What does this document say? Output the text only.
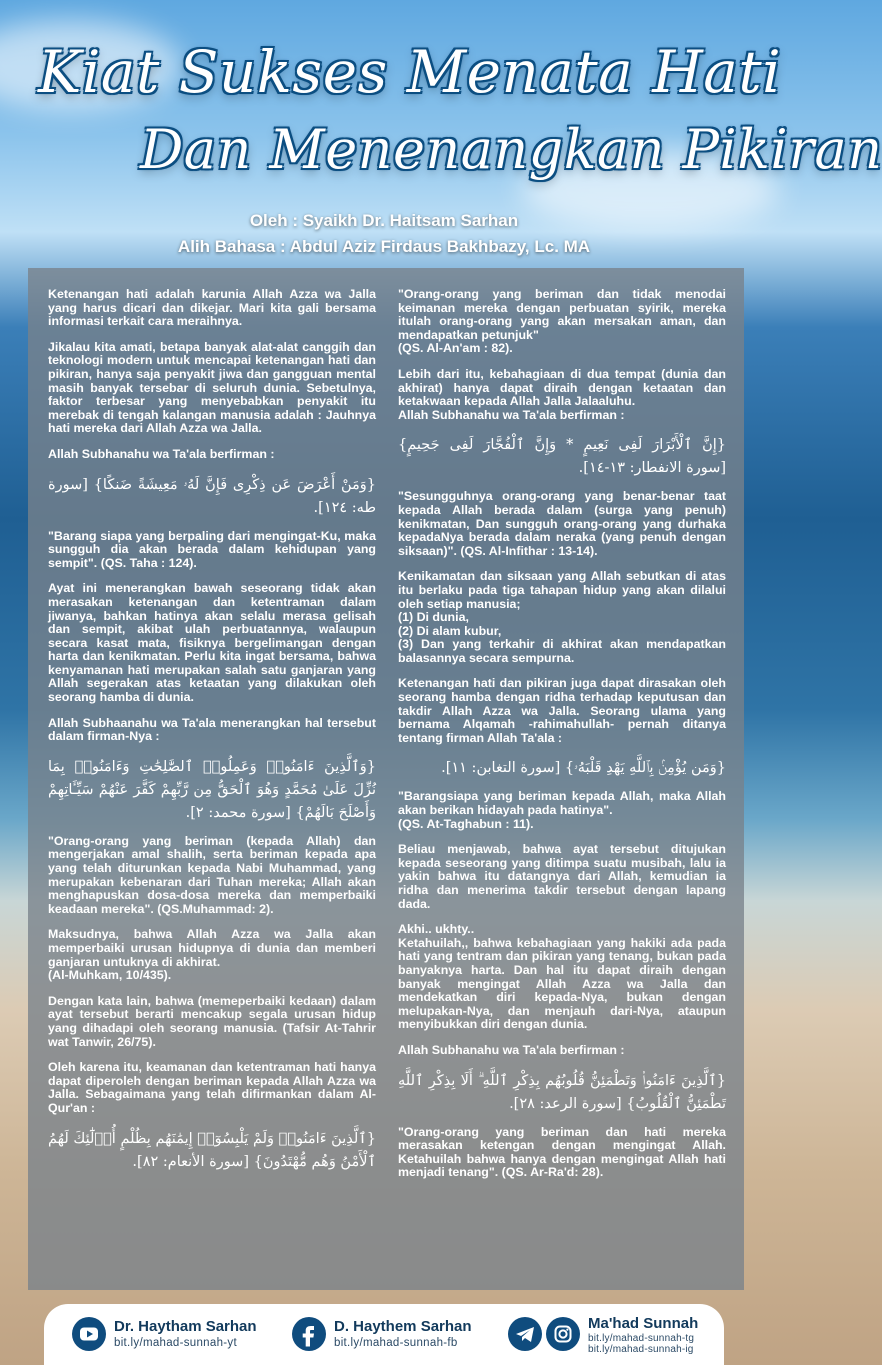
Kiat Sukses Menata Hati
Dan Menenangkan Pikiran
Oleh : Syaikh Dr. Haitsam Sarhan
Alih Bahasa : Abdul Aziz Firdaus Bakhbazy, Lc. MA
Ketenangan hati adalah karunia Allah Azza wa Jalla yang harus dicari dan dikejar. Mari kita gali bersama informasi terkait cara meraihnya.
Jikalau kita amati, betapa banyak alat-alat canggih dan teknologi modern untuk mencapai ketenangan hati dan pikiran, hanya saja penyakit jiwa dan gangguan mental masih banyak tersebar di seluruh dunia. Sebetulnya, faktor terbesar yang menyebabkan penyakit itu merebak di tengah kalangan manusia adalah : Jauhnya hati mereka dari Allah Azza wa Jalla.
Allah Subhanahu wa Ta'ala berfirman :
{وَمَنْ أَعْرَضَ عَن ذِكْرِى فَإِنَّ لَهُۥ مَعِيشَةً ضَنكًا} [سورة طه: ١٢٤].
"Barang siapa yang berpaling dari mengingat-Ku, maka sungguh dia akan berada dalam kehidupan yang sempit". (QS. Taha : 124).
Ayat ini menerangkan bawah seseorang tidak akan merasakan ketenangan dan ketentraman dalam jiwanya, bahkan hatinya akan selalu merasa gelisah dan sempit, akibat ulah perbuatannya, walaupun secara kasat mata, fisiknya bergelimangan dengan harta dan kenikmatan. Perlu kita ingat bersama, bahwa kenyamanan hati merupakan salah satu ganjaran yang Allah segerakan atas ketaatan yang dilakukan oleh seorang hamba di dunia.
Allah Subhaanahu wa Ta'ala menerangkan hal tersebut dalam firman-Nya :
{وَٱلَّذِينَ ءَامَنُوا۟ وَعَمِلُوا۟ ٱلصَّٰلِحَٰتِ وَءَامَنُوا۟ بِمَا نُزِّلَ عَلَىٰ مُحَمَّدٍ وَهُوَ ٱلْحَقُّ مِن رَّبِّهِمْ كَفَّرَ عَنْهُمْ سَيِّـَٔاتِهِمْ وَأَصْلَحَ بَالَهُمْ} [سورة محمد: ٢].
"Orang-orang yang beriman (kepada Allah) dan mengerjakan amal shalih, serta beriman kepada apa yang telah diturunkan kepada Nabi Muhammad, yang merupakan kebenaran dari Tuhan mereka; Allah akan menghapuskan dosa-dosa mereka dan memperbaiki keadaan mereka". (QS.Muhammad: 2).
Maksudnya, bahwa Allah Azza wa Jalla akan memperbaiki urusan hidupnya di dunia dan memberi ganjaran untuknya di akhirat.
(Al-Muhkam, 10/435).
Dengan kata lain, bahwa (memeperbaiki kedaan) dalam ayat tersebut berarti mencakup segala urusan hidup yang dihadapi oleh seorang manusia. (Tafsir At-Tahrir wat Tanwir, 26/75).
Oleh karena itu, keamanan dan ketentraman hati hanya dapat diperoleh dengan beriman kepada Allah Azza wa Jalla. Sebagaimana yang telah difirmankan dalam Al-Qur'an :
{ٱلَّذِينَ ءَامَنُوا۟ وَلَمْ يَلْبِسُوٓا۟ إِيمَٰنَهُم بِظُلْمٍ أُو۟لَٰٓئِكَ لَهُمُ ٱلْأَمْنُ وَهُم مُّهْتَدُونَ} [سورة الأنعام: ٨٢].
"Orang-orang yang beriman dan tidak menodai keimanan mereka dengan perbuatan syirik, mereka itulah orang-orang yang akan mersakan aman, dan mendapatkan petunjuk"
(QS. Al-An'am : 82).
Lebih dari itu, kebahagiaan di dua tempat (dunia dan akhirat) hanya dapat diraih dengan ketaatan dan ketakwaan kepada Allah Jalla Jalaaluhu.
Allah Subhanahu wa Ta'ala berfirman :
{إِنَّ ٱلْأَبْرَارَ لَفِى نَعِيمٍ * وَإِنَّ ٱلْفُجَّارَ لَفِى جَحِيمٍ} [سورة الانفطار: ١٣-١٤].
"Sesungguhnya orang-orang yang benar-benar taat kepada Allah berada dalam (surga yang penuh) kenikmatan, Dan sungguh orang-orang yang durhaka kepadaNya berada dalam neraka (yang penuh dengan siksaan)". (QS. Al-Infithar : 13-14).
Kenikamatan dan siksaan yang Allah sebutkan di atas itu berlaku pada tiga tahapan hidup yang akan dilalui oleh setiap manusia;
(1) Di dunia,
(2) Di alam kubur,
(3) Dan yang terkahir di akhirat akan mendapatkan balasannya secara sempurna.
Ketenangan hati dan pikiran juga dapat dirasakan oleh seorang hamba dengan ridha terhadap keputusan dan takdir Allah Azza wa Jalla. Seorang ulama yang bernama Alqamah -rahimahullah- pernah ditanya tentang firman Allah Ta'ala :
{وَمَن يُؤْمِنۢ بِٱللَّهِ يَهْدِ قَلْبَهُۥ} [سورة التغابن: ١١].
"Barangsiapa yang beriman kepada Allah, maka Allah akan berikan hidayah pada hatinya".
(QS. At-Taghabun : 11).
Beliau menjawab, bahwa ayat tersebut ditujukan kepada seseorang yang ditimpa suatu musibah, lalu ia yakin bahwa itu datangnya dari Allah, kemudian ia ridha dan menerima takdir tersebut dengan lapang dada.
Akhi.. ukhty..
Ketahuilah,, bahwa kebahagiaan yang hakiki ada pada hati yang tentram dan pikiran yang tenang, bukan pada banyaknya harta. Dan hal itu dapat diraih dengan banyak mengingat Allah Azza wa Jalla dan mendekatkan diri kepada-Nya, bukan dengan melupakan-Nya, dan menjauh dari-Nya, ataupun menyibukkan diri dengan dunia.
Allah Subhanahu wa Ta'ala berfirman :
{ٱلَّذِينَ ءَامَنُوا۟ وَتَطْمَئِنُّ قُلُوبُهُم بِذِكْرِ ٱللَّهِ ۗ أَلَا بِذِكْرِ ٱللَّهِ تَطْمَئِنُّ ٱلْقُلُوبُ} [سورة الرعد: ٢٨].
"Orang-orang yang beriman dan hati mereka merasakan ketengan dengan mengingat Allah. Ketahuilah bahwa hanya dengan mengingat Allah hati menjadi tenang". (QS. Ar-Ra'd: 28).
Dr. Haytham Sarhan
bit.ly/mahad-sunnah-yt
D. Haythem Sarhan
bit.ly/mahad-sunnah-fb
Ma'had Sunnah
bit.ly/mahad-sunnah-tg
bit.ly/mahad-sunnah-ig
